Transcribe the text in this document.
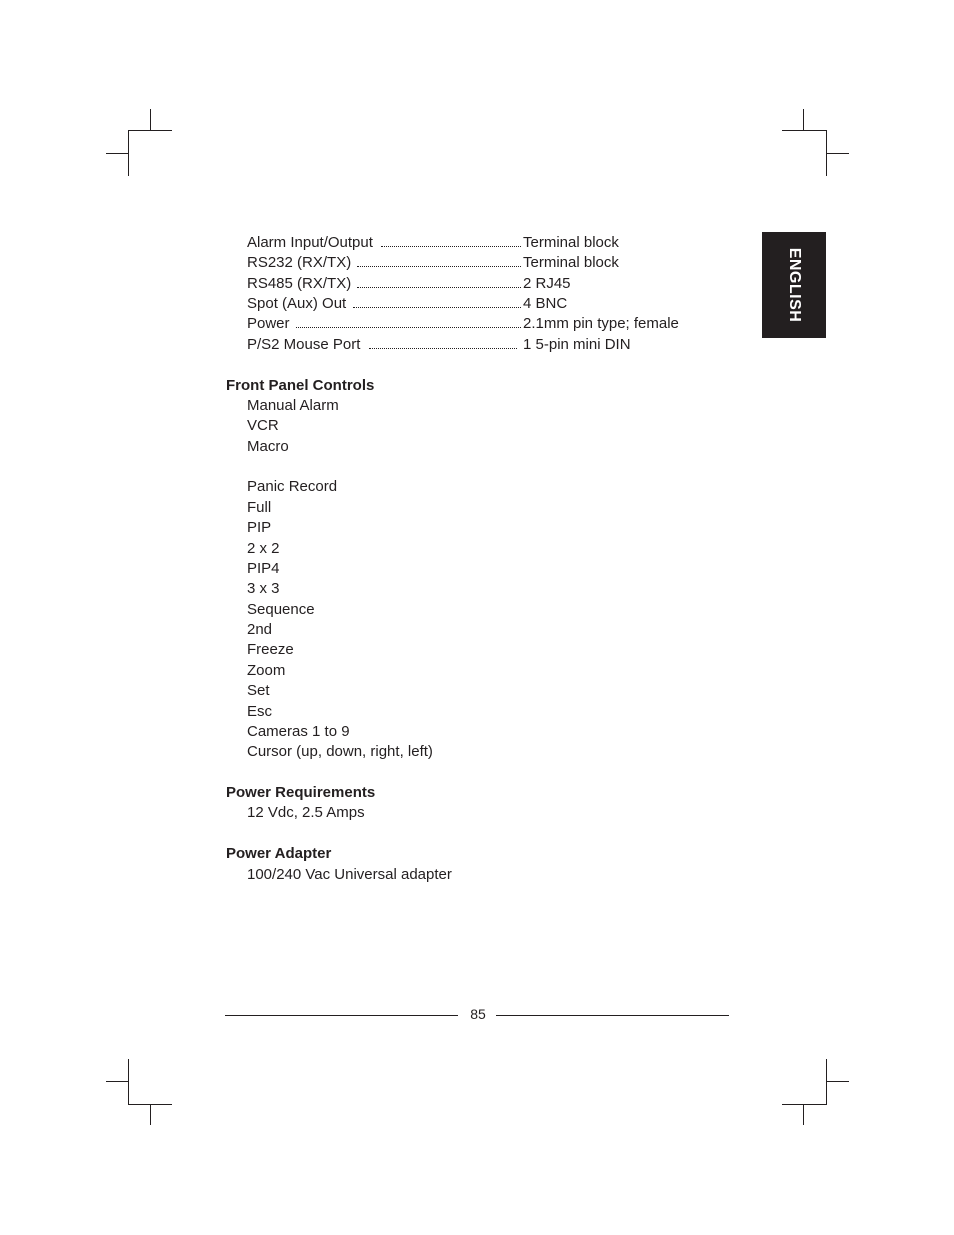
ENGLISH
Alarm Input/Output	Terminal block
RS232 (RX/TX)	Terminal block
RS485 (RX/TX)	2 RJ45
Spot (Aux) Out	4 BNC
Power	2.1mm pin type; female
P/S2 Mouse Port	1 5-pin mini DIN
Front Panel Controls
Manual Alarm
VCR
Macro
Panic Record
Full
PIP
2 x 2
PIP4
3 x 3
Sequence
2nd
Freeze
Zoom
Set
Esc
Cameras 1 to 9
Cursor (up, down, right, left)
Power Requirements
12 Vdc, 2.5 Amps
Power Adapter
100/240 Vac Universal adapter
85
